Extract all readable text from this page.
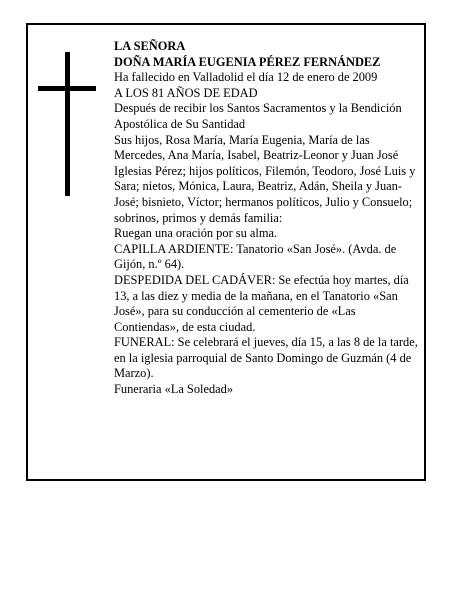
LA SEÑORA

DOÑA MARÍA EUGENIA PÉREZ FERNÁNDEZ

Ha fallecido en Valladolid el día 12 de enero de 2009

A LOS 81 AÑOS DE EDAD

Después de recibir los Santos Sacramentos y la Bendición Apostólica de Su Santidad

Sus hijos, Rosa María, María Eugenia, María de las Mercedes, Ana María, Isabel, Beatriz-Leonor y Juan José Iglesias Pérez; hijos políticos, Filemón, Teodoro, José Luis y Sara; nietos, Mónica, Laura, Beatriz, Adán, Sheila y Juan-José; bisnieto, Víctor; hermanos políticos, Julio y Consuelo; sobrinos, primos y demás familia:

Ruegan una oración por su alma.

CAPILLA ARDIENTE: Tanatorio «San José». (Avda. de Gijón, n.º 64).

DESPEDIDA DEL CADÁVER: Se efectúa hoy martes, día 13, a las diez y media de la mañana, en el Tanatorio «San José», para su conducción al cementerio de «Las Contiendas», de esta ciudad.

FUNERAL: Se celebrará el jueves, día 15, a las 8 de la tarde, en la iglesia parroquial de Santo Domingo de Guzmán (4 de Marzo).

Funeraria «La Soledad»
